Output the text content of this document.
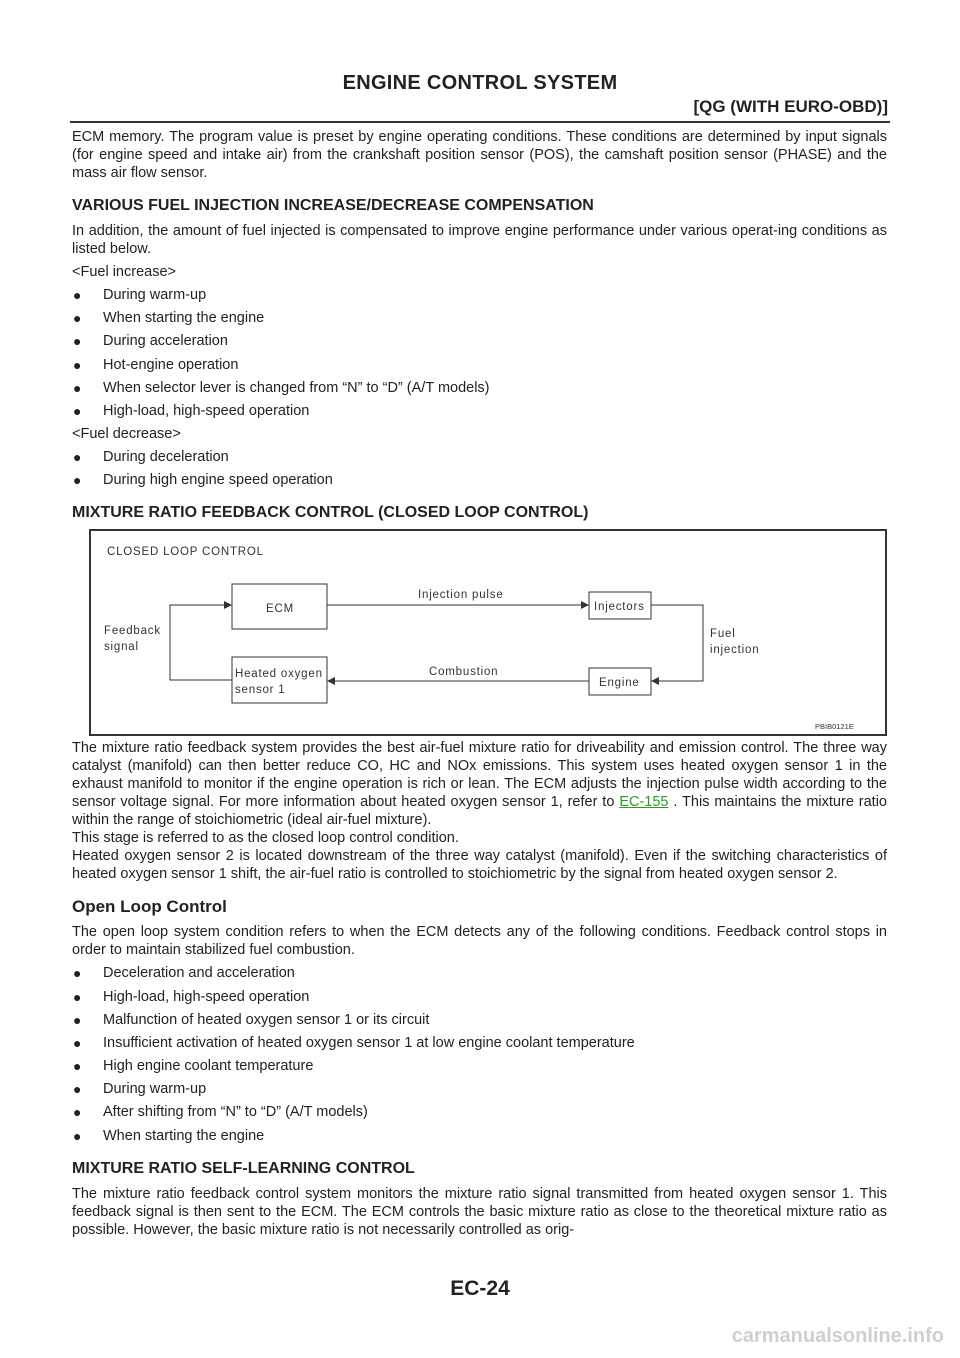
ENGINE CONTROL SYSTEM
[QG (WITH EURO-OBD)]

ECM memory. The program value is preset by engine operating conditions. These conditions are determined by input signals (for engine speed and intake air) from the crankshaft position sensor (POS), the camshaft position sensor (PHASE) and the mass air flow sensor.

VARIOUS FUEL INJECTION INCREASE/DECREASE COMPENSATION

In addition, the amount of fuel injected is compensated to improve engine performance under various operat-ing conditions as listed below.

<Fuel increase>
● During warm-up
● When starting the engine
● During acceleration
● Hot-engine operation
● When selector lever is changed from “N” to “D” (A/T models)
● High-load, high-speed operation
<Fuel decrease>
● During deceleration
● During high engine speed operation
MIXTURE RATIO FEEDBACK CONTROL (CLOSED LOOP CONTROL)
CLOSED LOOP CONTROL
ECM
Heated oxygen
sensor 1
Injectors
Engine
Injection pulse
Combustion
Feedback
signal
Fuel
injection
PBIB0121E

The mixture ratio feedback system provides the best air-fuel mixture ratio for driveability and emission control. The three way catalyst (manifold) can then better reduce CO, HC and NOx emissions. This system uses heated oxygen sensor 1 in the exhaust manifold to monitor if the engine operation is rich or lean. The ECM adjusts the injection pulse width according to the sensor voltage signal. For more information about heated oxygen sensor 1, refer to EC-155 . This maintains the mixture ratio within the range of stoichiometric (ideal air-fuel mixture).

This stage is referred to as the closed loop control condition.

Heated oxygen sensor 2 is located downstream of the three way catalyst (manifold). Even if the switching characteristics of heated oxygen sensor 1 shift, the air-fuel ratio is controlled to stoichiometric by the signal from heated oxygen sensor 2.

Open Loop Control

The open loop system condition refers to when the ECM detects any of the following conditions. Feedback control stops in order to maintain stabilized fuel combustion.

● Deceleration and acceleration
● High-load, high-speed operation
● Malfunction of heated oxygen sensor 1 or its circuit
● Insufficient activation of heated oxygen sensor 1 at low engine coolant temperature
● High engine coolant temperature
● During warm-up
● After shifting from “N” to “D” (A/T models)
● When starting the engine
MIXTURE RATIO SELF-LEARNING CONTROL

The mixture ratio feedback control system monitors the mixture ratio signal transmitted from heated oxygen sensor 1. This feedback signal is then sent to the ECM. The ECM controls the basic mixture ratio as close to the theoretical mixture ratio as possible. However, the basic mixture ratio is not necessarily controlled as orig-

EC-24
carmanualsonline.info
